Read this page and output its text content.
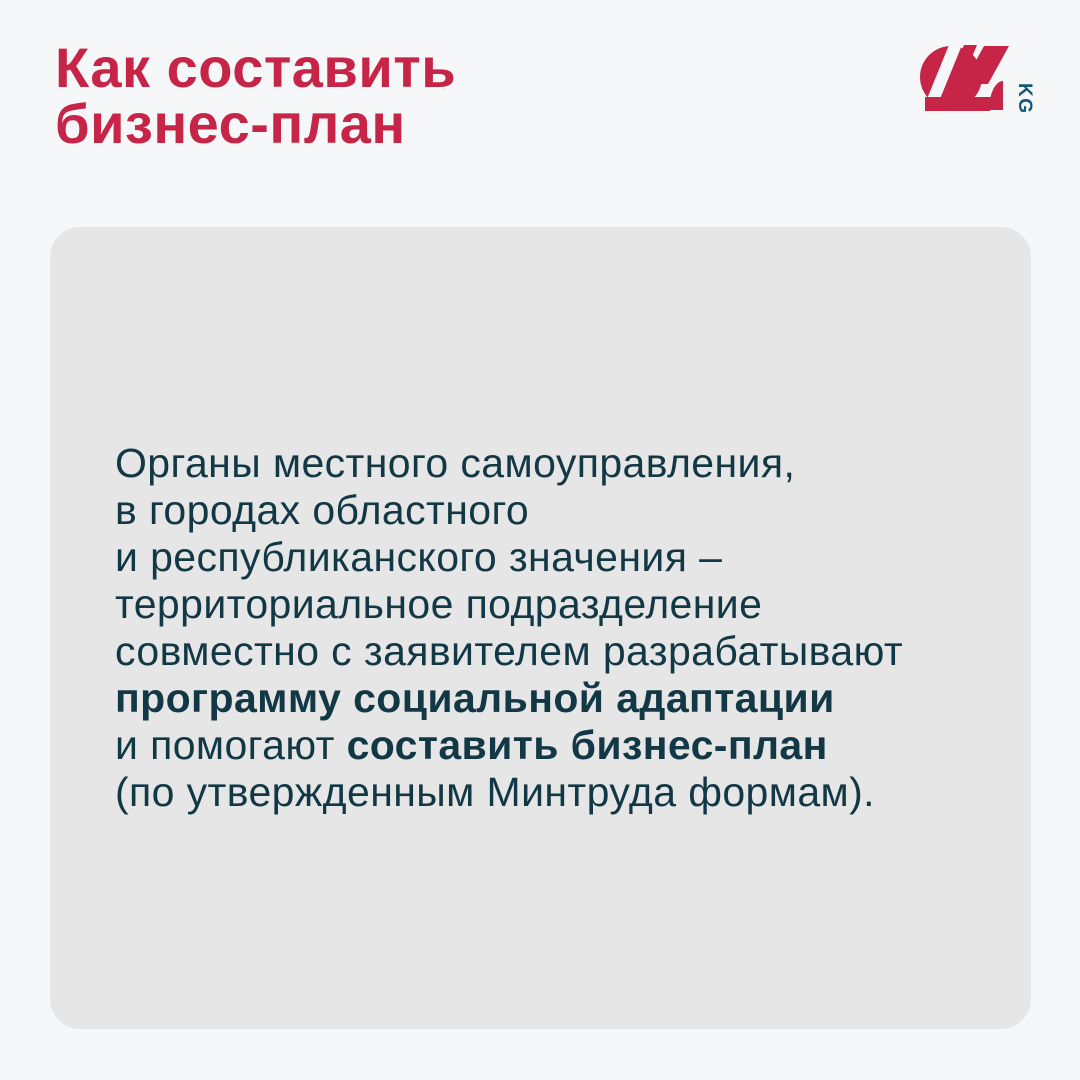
Как составить
бизнес-план	KG
Органы местного самоуправления,
в городах областного
и республиканского значения –
территориальное подразделение
совместно с заявителем разрабатывают
программу социальной адаптации
и помогают составить бизнес-план
(по утвержденным Минтруда формам).
